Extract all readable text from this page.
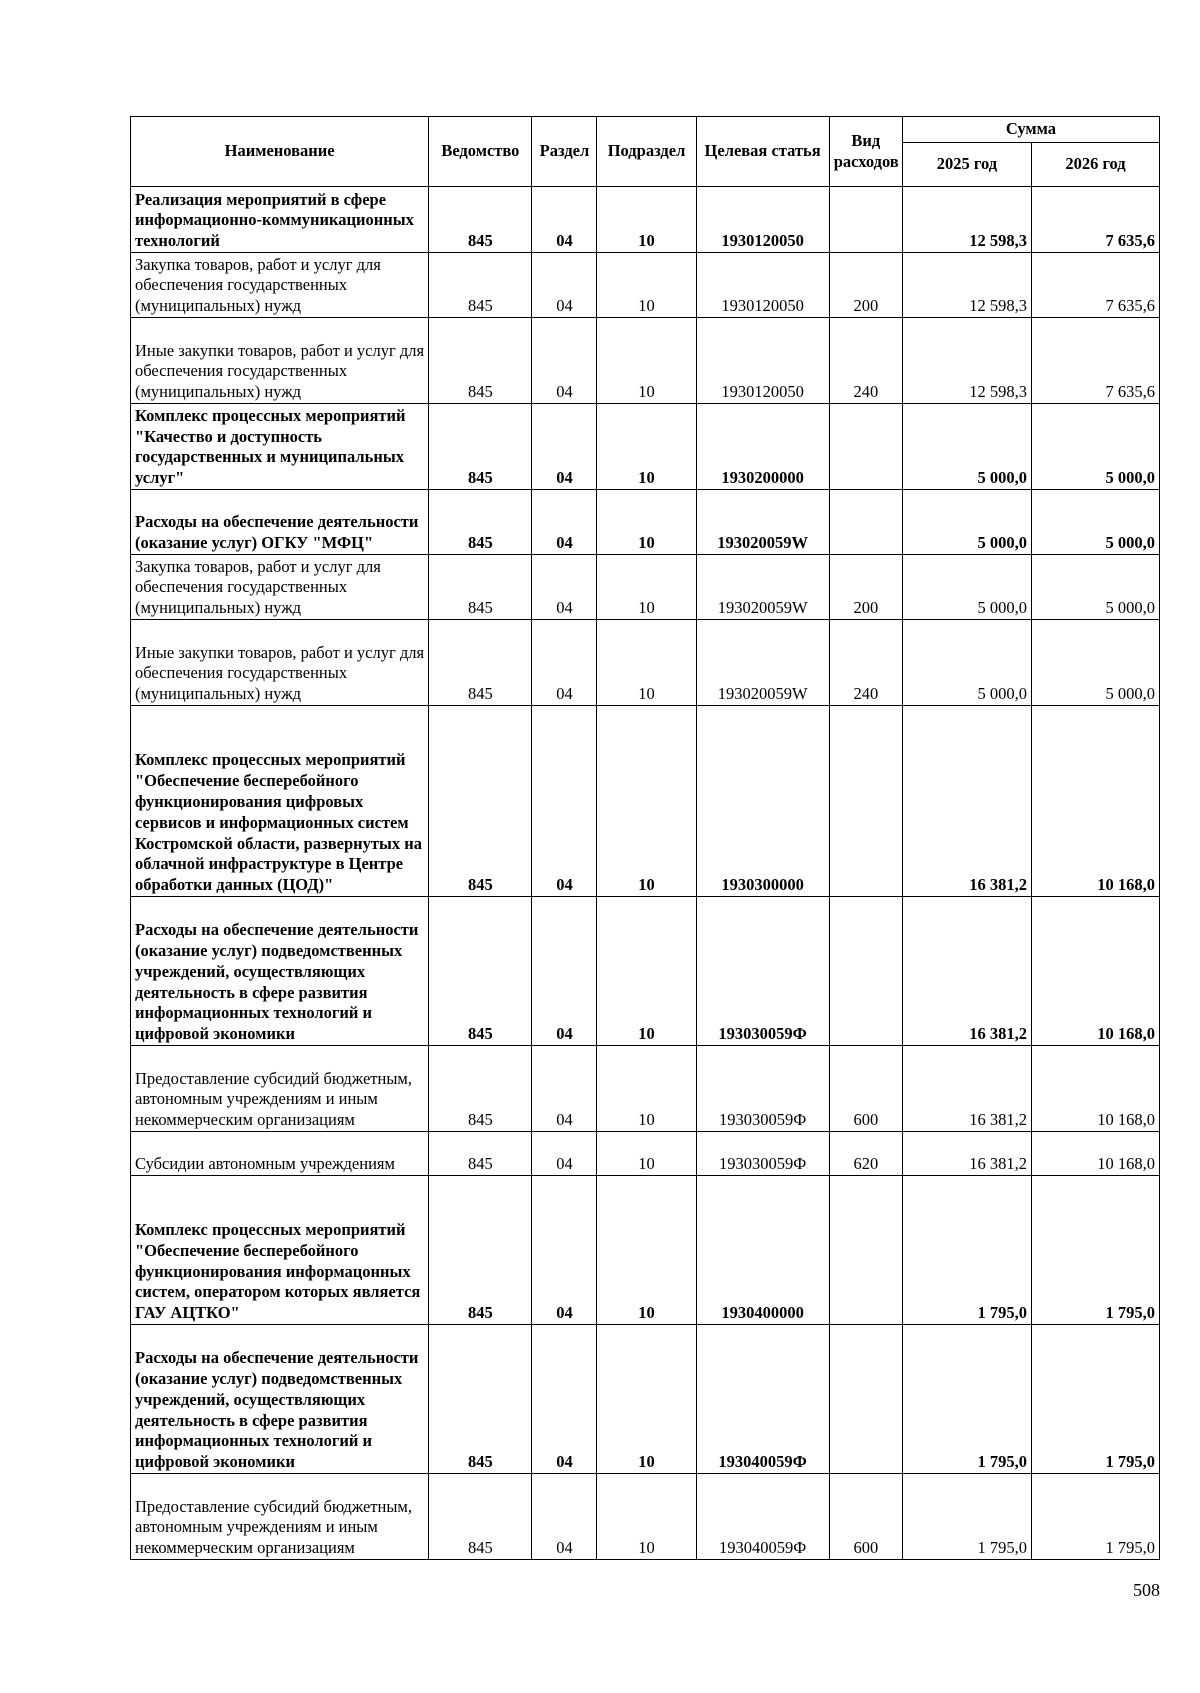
Наименование	Ведомство	Раздел	Подраздел	Целевая статья	Вид расходов	Сумма	
						2025 год	2026 год
Реализация мероприятий в сфере информационно-коммуникационных технологий	845	04	10	1930120050		12 598,3	7 635,6
Закупка товаров, работ и услуг для обеспечения государственных (муниципальных) нужд	845	04	10	1930120050	200	12 598,3	7 635,6
Иные закупки товаров, работ и услуг для обеспечения государственных (муниципальных) нужд	845	04	10	1930120050	240	12 598,3	7 635,6
Комплекс процессных мероприятий "Качество и доступность государственных и муниципальных услуг"	845	04	10	1930200000		5 000,0	5 000,0
Расходы на обеспечение деятельности (оказание услуг) ОГКУ "МФЦ"	845	04	10	193020059W		5 000,0	5 000,0
Закупка товаров, работ и услуг для обеспечения государственных (муниципальных) нужд	845	04	10	193020059W	200	5 000,0	5 000,0
Иные закупки товаров, работ и услуг для обеспечения государственных (муниципальных) нужд	845	04	10	193020059W	240	5 000,0	5 000,0
Комплекс процессных мероприятий "Обеспечение бесперебойного функционирования цифровых сервисов и информационных систем Костромской области, развернутых на облачной инфраструктуре в Центре обработки данных (ЦОД)"	845	04	10	1930300000		16 381,2	10 168,0
Расходы на обеспечение деятельности (оказание услуг) подведомственных учреждений, осуществляющих деятельность в сфере развития информационных технологий и цифровой экономики	845	04	10	193030059Ф		16 381,2	10 168,0
Предоставление субсидий бюджетным, автономным учреждениям и иным некоммерческим организациям	845	04	10	193030059Ф	600	16 381,2	10 168,0
Субсидии автономным учреждениям	845	04	10	193030059Ф	620	16 381,2	10 168,0
Комплекс процессных мероприятий "Обеспечение бесперебойного функционирования информацонных систем, оператором которых является ГАУ АЦТКО"	845	04	10	1930400000		1 795,0	1 795,0
Расходы на обеспечение деятельности (оказание услуг) подведомственных учреждений, осуществляющих деятельность в сфере развития информационных технологий и цифровой экономики	845	04	10	193040059Ф		1 795,0	1 795,0
Предоставление субсидий бюджетным, автономным учреждениям и иным некоммерческим организациям	845	04	10	193040059Ф	600	1 795,0	1 795,0
508
